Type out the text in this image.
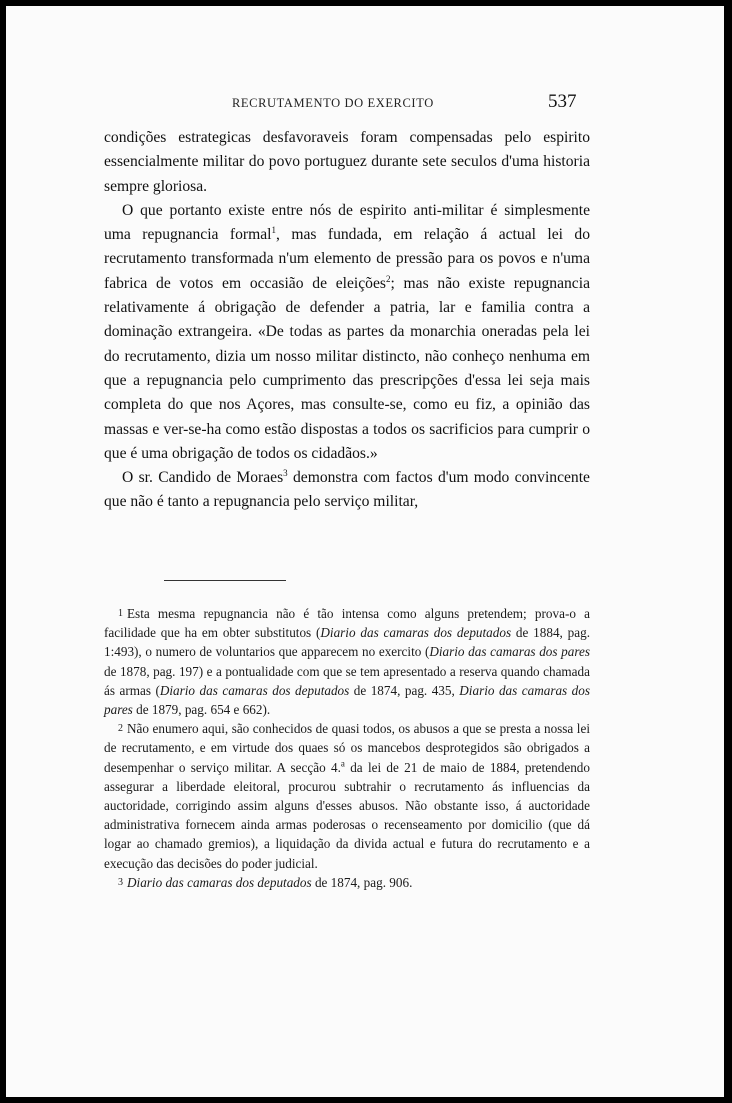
RECRUTAMENTO DO EXERCITO	537

condições estrategicas desfavoraveis foram compensadas pelo espirito essencialmente militar do povo portuguez durante sete seculos d'uma historia sempre gloriosa.

O que portanto existe entre nós de espirito anti-militar é simplesmente uma repugnancia formal$^1$, mas fundada, em relação á actual lei do recrutamento transformada n'um elemento de pressão para os povos e n'uma fabrica de votos em occasião de eleições$^2$; mas não existe repugnancia relativamente á obrigação de defender a patria, lar e familia contra a dominação extrangeira. «De todas as partes da monarchia oneradas pela lei do recrutamento, dizia um nosso militar distincto, não conheço nenhuma em que a repugnancia pelo cumprimento das prescripções d'essa lei seja mais completa do que nos Açores, mas consulte-se, como eu fiz, a opinião das massas e ver-se-ha como estão dispostas a todos os sacrificios para cumprir o que é uma obrigação de todos os cidadãos.»

O sr. Candido de Moraes$^3$ demonstra com factos d'um modo convincente que não é tanto a repugnancia pelo serviço militar,

1 Esta mesma repugnancia não é tão intensa como alguns pretendem; prova-o a facilidade que ha em obter substitutos (Diario das camaras dos deputados de 1884, pag. 1:493), o numero de voluntarios que apparecem no exercito (Diario das camaras dos pares de 1878, pag. 197) e a pontualidade com que se tem apresentado a reserva quando chamada ás armas (Diario das camaras dos deputados de 1874, pag. 435, Diario das camaras dos pares de 1879, pag. 654 e 662).

2 Não enumero aqui, são conhecidos de quasi todos, os abusos a que se presta a nossa lei de recrutamento, e em virtude dos quaes só os mancebos desprotegidos são obrigados a desempenhar o serviço militar. A secção 4.$^a$ da lei de 21 de maio de 1884, pretendendo assegurar a liberdade eleitoral, procurou subtrahir o recrutamento ás influencias da auctoridade, corrigindo assim alguns d'esses abusos. Não obstante isso, á auctoridade administrativa fornecem ainda armas poderosas o recenseamento por domicilio (que dá logar ao chamado gremios), a liquidação da divida actual e futura do recrutamento e a execução das decisões do poder judicial.

3 Diario das camaras dos deputados de 1874, pag. 906.
